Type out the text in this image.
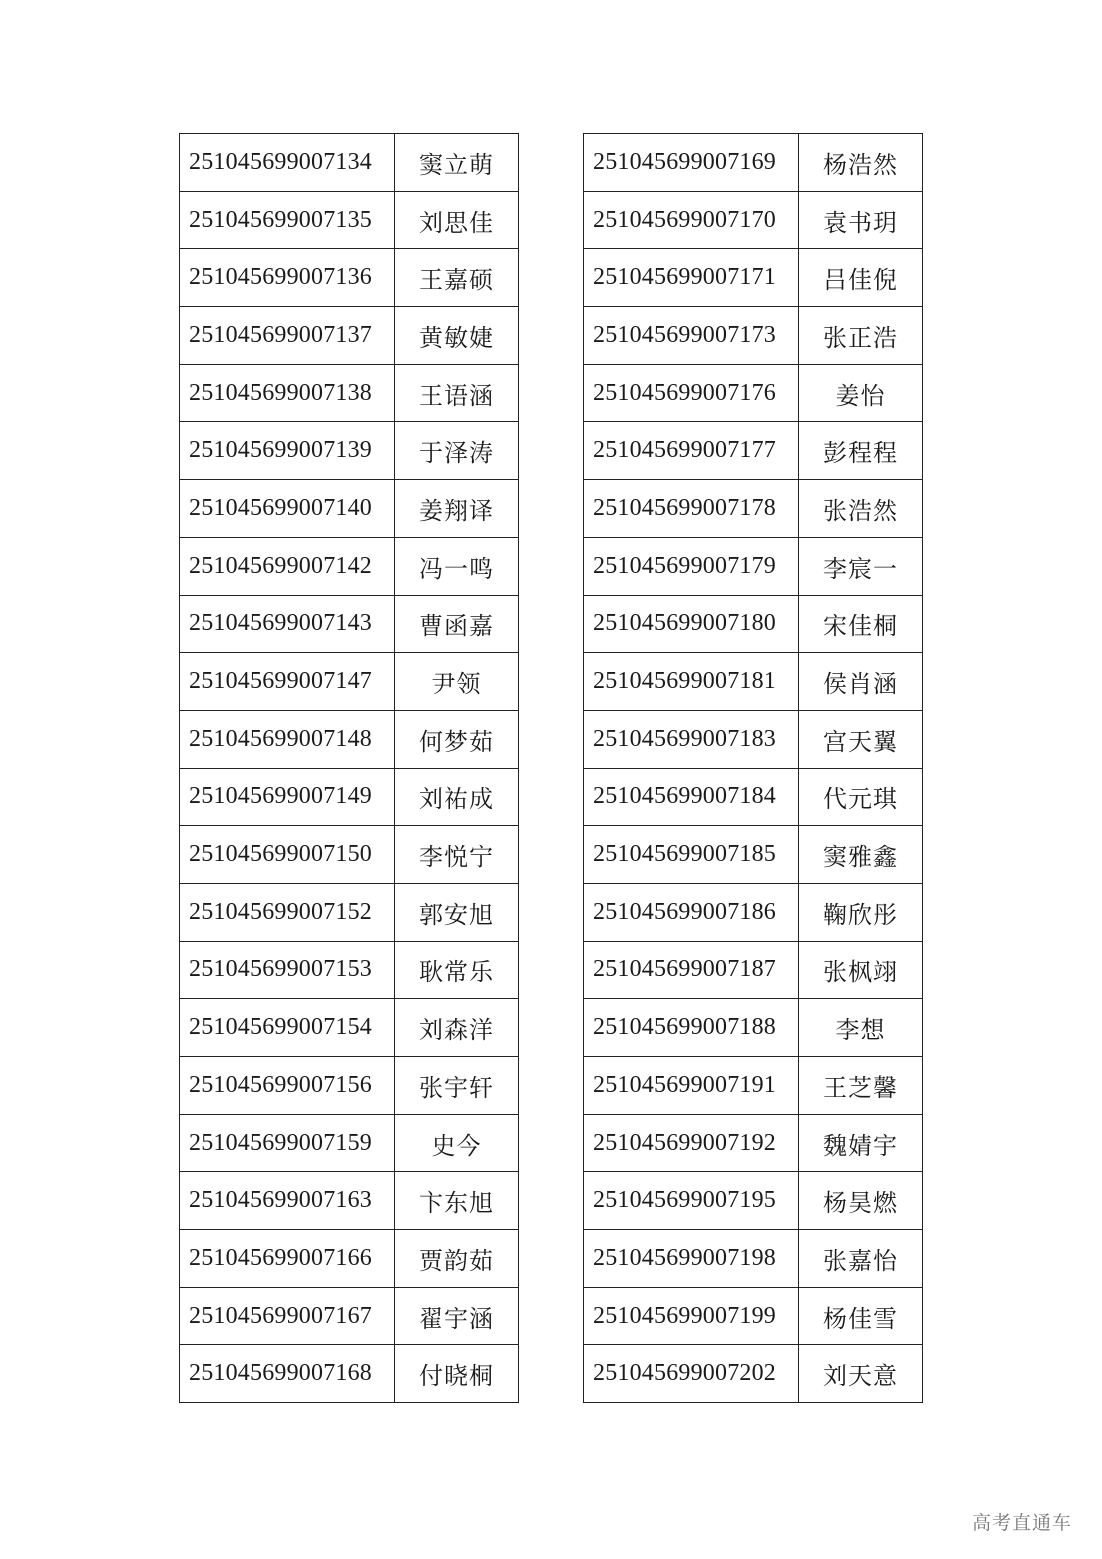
251045699007134	窦立萌
251045699007135	刘思佳
251045699007136	王嘉硕
251045699007137	黄敏婕
251045699007138	王语涵
251045699007139	于泽涛
251045699007140	姜翔译
251045699007142	冯一鸣
251045699007143	曹函嘉
251045699007147	尹领
251045699007148	何梦茹
251045699007149	刘祐成
251045699007150	李悦宁
251045699007152	郭安旭
251045699007153	耿常乐
251045699007154	刘森洋
251045699007156	张宇轩
251045699007159	史今
251045699007163	卞东旭
251045699007166	贾韵茹
251045699007167	翟宇涵
251045699007168	付晓桐
251045699007169	杨浩然
251045699007170	袁书玥
251045699007171	吕佳倪
251045699007173	张正浩
251045699007176	姜怡
251045699007177	彭程程
251045699007178	张浩然
251045699007179	李宸一
251045699007180	宋佳桐
251045699007181	侯肖涵
251045699007183	宫天翼
251045699007184	代元琪
251045699007185	窦雅鑫
251045699007186	鞠欣彤
251045699007187	张枫翊
251045699007188	李想
251045699007191	王芝馨
251045699007192	魏婧宇
251045699007195	杨昊燃
251045699007198	张嘉怡
251045699007199	杨佳雪
251045699007202	刘天意
高考直通车
